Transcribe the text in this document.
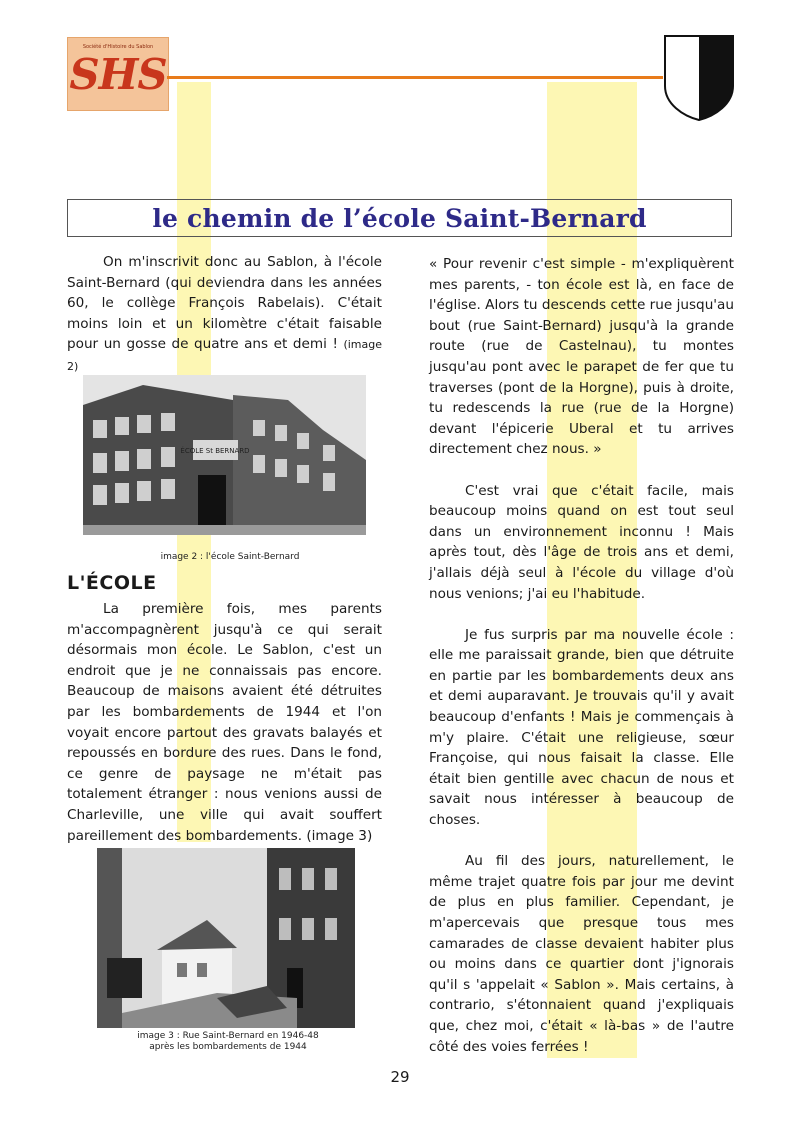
Société d'Histoire du Sablon
SHS
le chemin de l’école Saint-Bernard

On m'inscrivit donc au Sablon, à l'école Saint-Bernard (qui deviendra dans les années 60, le collège François Rabelais). C'était moins loin et un kilomètre c'était faisable pour un gosse de quatre ans et demi ! (image 2)

ÉCOLE St BERNARD
image 2 : l'école Saint-Bernard
L'ÉCOLE

La première fois, mes parents m'accompagnèrent jusqu'à ce qui serait désormais mon école. Le Sablon, c'est un endroit que je ne connaissais pas encore. Beaucoup de maisons avaient été détruites par les bombardements de 1944 et l'on voyait encore partout des gravats balayés et repoussés en bordure des rues. Dans le fond, ce genre de paysage ne m'était pas totalement étranger : nous venions aussi de Charleville, une ville qui avait souffert pareillement des bombardements. (image 3)

image 3 : Rue Saint-Bernard en 1946-48
après les bombardements de 1944

« Pour revenir c'est simple - m'expliquèrent mes parents, - ton école est là, en face de l'église. Alors tu descends cette rue jusqu'au bout (rue Saint-Bernard) jusqu'à la grande route (rue de Castelnau), tu montes jusqu'au pont avec le parapet de fer que tu traverses (pont de la Horgne), puis à droite, tu redescends la rue (rue de la Horgne) devant l'épicerie Uberal et tu arrives directement chez nous. »

C'est vrai que c'était facile, mais beaucoup moins quand on est tout seul dans un environnement inconnu ! Mais après tout, dès l'âge de trois ans et demi, j'allais déjà seul à l'école du village d'où nous venions; j'ai eu l'habitude.

Je fus surpris par ma nouvelle école : elle me paraissait grande, bien que détruite en partie par les bombardements deux ans et demi auparavant. Je trouvais qu'il y avait beaucoup d'enfants ! Mais je commençais à m'y plaire. C'était une religieuse, sœur Françoise, qui nous faisait la classe. Elle était bien gentille avec chacun de nous et savait nous intéresser à beaucoup de choses.

Au fil des jours, naturellement, le même trajet quatre fois par jour me devint de plus en plus familier. Cependant, je m'apercevais que presque tous mes camarades de classe devaient habiter plus ou moins dans ce quartier dont j'ignorais qu'il s 'appelait « Sablon ». Mais certains, à contrario, s'étonnaient quand j'expliquais que, chez moi, c'était « là-bas » de l'autre côté des voies ferrées !

29
